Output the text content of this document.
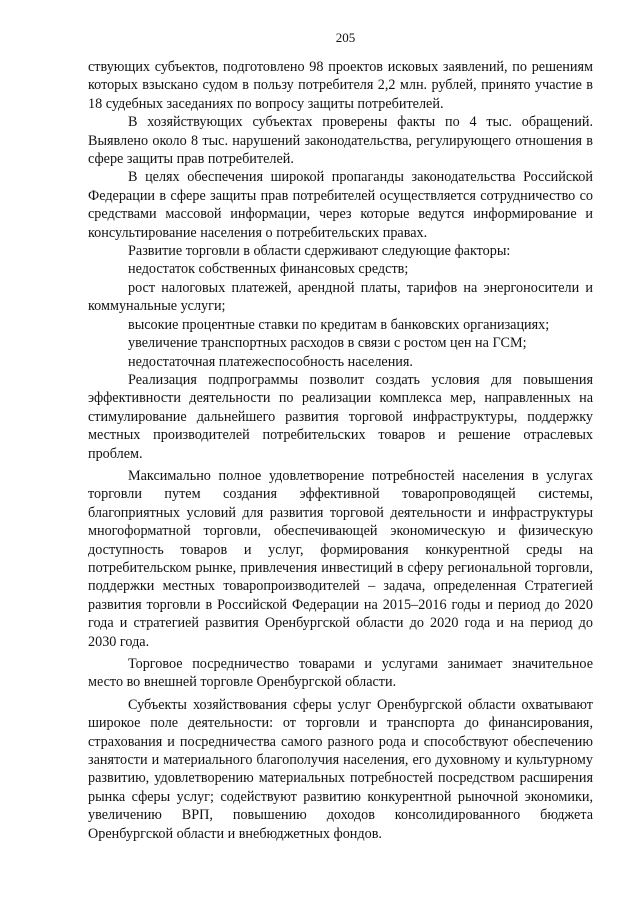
205

ствующих субъектов, подготовлено 98 проектов исковых заявлений, по решениям которых взыскано судом в пользу потребителя 2,2 млн. рублей, принято участие в 18 судебных заседаниях по вопросу защиты потребителей.

В хозяйствующих субъектах проверены факты по 4 тыс. обращений. Выявлено около 8 тыс. нарушений законодательства, регулирующего отношения в сфере защиты прав потребителей.

В целях обеспечения широкой пропаганды законодательства Российской Федерации в сфере защиты прав потребителей осуществляется сотрудничество со средствами массовой информации, через которые ведутся информирование и консультирование населения о потребительских правах.

Развитие торговли в области сдерживают следующие факторы:

недостаток собственных финансовых средств;

рост налоговых платежей, арендной платы, тарифов на энергоносители и коммунальные услуги;

высокие процентные ставки по кредитам в банковских организациях;

увеличение транспортных расходов в связи с ростом цен на ГСМ;

недостаточная платежеспособность населения.

Реализация подпрограммы позволит создать условия для повышения эффективности деятельности по реализации комплекса мер, направленных на стимулирование дальнейшего развития торговой инфраструктуры, поддержку местных производителей потребительских товаров и решение отраслевых проблем.

Максимально полное удовлетворение потребностей населения в услугах торговли путем создания эффективной товаропроводящей системы, благоприятных условий для развития торговой деятельности и инфраструктуры многоформатной торговли, обеспечивающей экономическую и физическую доступность товаров и услуг, формирования конкурентной среды на потребительском рынке, привлечения инвестиций в сферу региональной торговли, поддержки местных товаропроизводителей – задача, определенная Стратегией развития торговли в Российской Федерации на 2015–2016 годы и период до 2020 года и стратегией развития Оренбургской области до 2020 года и на период до 2030 года.

Торговое посредничество товарами и услугами занимает значительное место во внешней торговле Оренбургской области.

Субъекты хозяйствования сферы услуг Оренбургской области охватывают широкое поле деятельности: от торговли и транспорта до финансирования, страхования и посредничества самого разного рода и способствуют обеспечению занятости и материального благополучия населения, его духовному и культурному развитию, удовлетворению материальных потребностей посредством расширения рынка сферы услуг; содействуют развитию конкурентной рыночной экономики, увеличению ВРП, повышению доходов консолидированного бюджета Оренбургской области и внебюджетных фондов.
